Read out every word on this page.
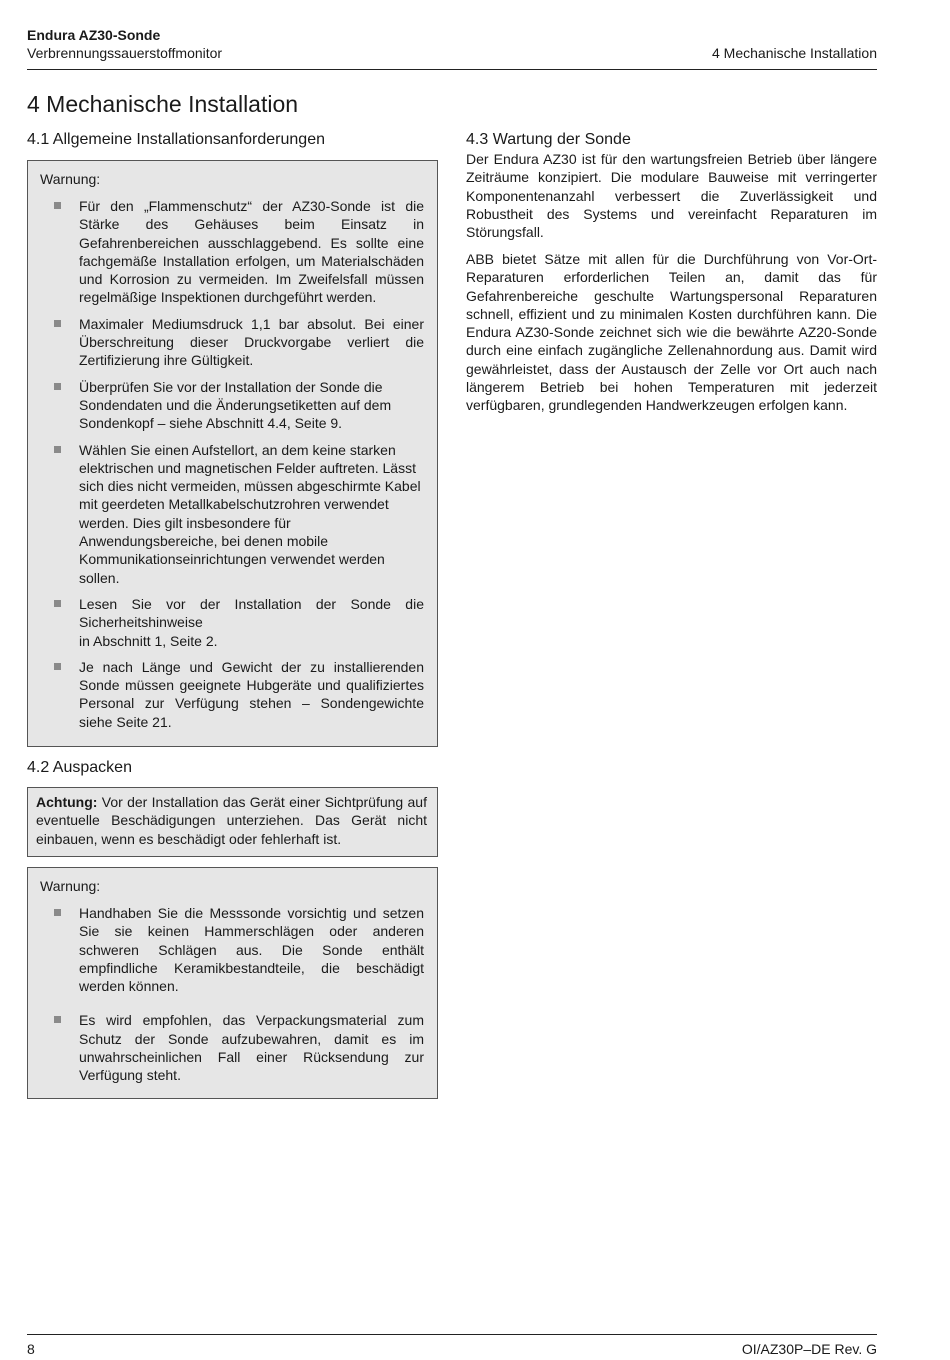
Endura AZ30-Sonde
Verbrennungssauerstoffmonitor	4 Mechanische Installation
4 Mechanische Installation
4.1 Allgemeine Installationsanforderungen
Warnung:
Für den „Flammenschutz“ der AZ30-Sonde ist die Stärke des Gehäuses beim Einsatz in Gefahrenbereichen ausschlaggebend. Es sollte eine fachgemäße Installation erfolgen, um Materialschäden und Korrosion zu vermeiden. Im Zweifelsfall müssen regelmäßige Inspektionen durchgeführt werden.
Maximaler Mediumsdruck 1,1 bar absolut. Bei einer Überschreitung dieser Druckvorgabe verliert die Zertifizierung ihre Gültigkeit.
Überprüfen Sie vor der Installation der Sonde die Sondendaten und die Änderungsetiketten auf dem Sondenkopf – siehe Abschnitt 4.4, Seite 9.
Wählen Sie einen Aufstellort, an dem keine starken elektrischen und magnetischen Felder auftreten. Lässt sich dies nicht vermeiden, müssen abgeschirmte Kabel mit geerdeten Metallkabelschutzrohren verwendet werden. Dies gilt insbesondere für Anwendungsbereiche, bei denen mobile Kommunikationseinrichtungen verwendet werden sollen.
Lesen Sie vor der Installation der Sonde die Sicherheitshinweise
in Abschnitt 1, Seite 2.
Je nach Länge und Gewicht der zu installierenden Sonde müssen geeignete Hubgeräte und qualifiziertes Personal zur Verfügung stehen – Sondengewichte siehe Seite 21.
4.2 Auspacken
Achtung: Vor der Installation das Gerät einer Sichtprüfung auf eventuelle Beschädigungen unterziehen. Das Gerät nicht einbauen, wenn es beschädigt oder fehlerhaft ist.
Warnung:
Handhaben Sie die Messsonde vorsichtig und setzen Sie sie keinen Hammerschlägen oder anderen schweren Schlägen aus. Die Sonde enthält empfindliche Keramikbestandteile, die beschädigt werden können.
Es wird empfohlen, das Verpackungsmaterial zum Schutz der Sonde aufzubewahren, damit es im unwahrscheinlichen Fall einer Rücksendung zur Verfügung steht.
4.3 Wartung der Sonde

Der Endura AZ30 ist für den wartungsfreien Betrieb über längere Zeiträume konzipiert. Die modulare Bauweise mit verringerter Komponentenanzahl verbessert die Zuverlässigkeit und Robustheit des Systems und vereinfacht Reparaturen im Störungsfall.

ABB bietet Sätze mit allen für die Durchführung von Vor-Ort-Reparaturen erforderlichen Teilen an, damit das für Gefahrenbereiche geschulte Wartungspersonal Reparaturen schnell, effizient und zu minimalen Kosten durchführen kann. Die Endura AZ30-Sonde zeichnet sich wie die bewährte AZ20-Sonde durch eine einfach zugängliche Zellenahnordung aus. Damit wird gewährleistet, dass der Austausch der Zelle vor Ort auch nach längerem Betrieb bei hohen Temperaturen mit jederzeit verfügbaren, grundlegenden Handwerkzeugen erfolgen kann.

8	OI/AZ30P–DE Rev. G
